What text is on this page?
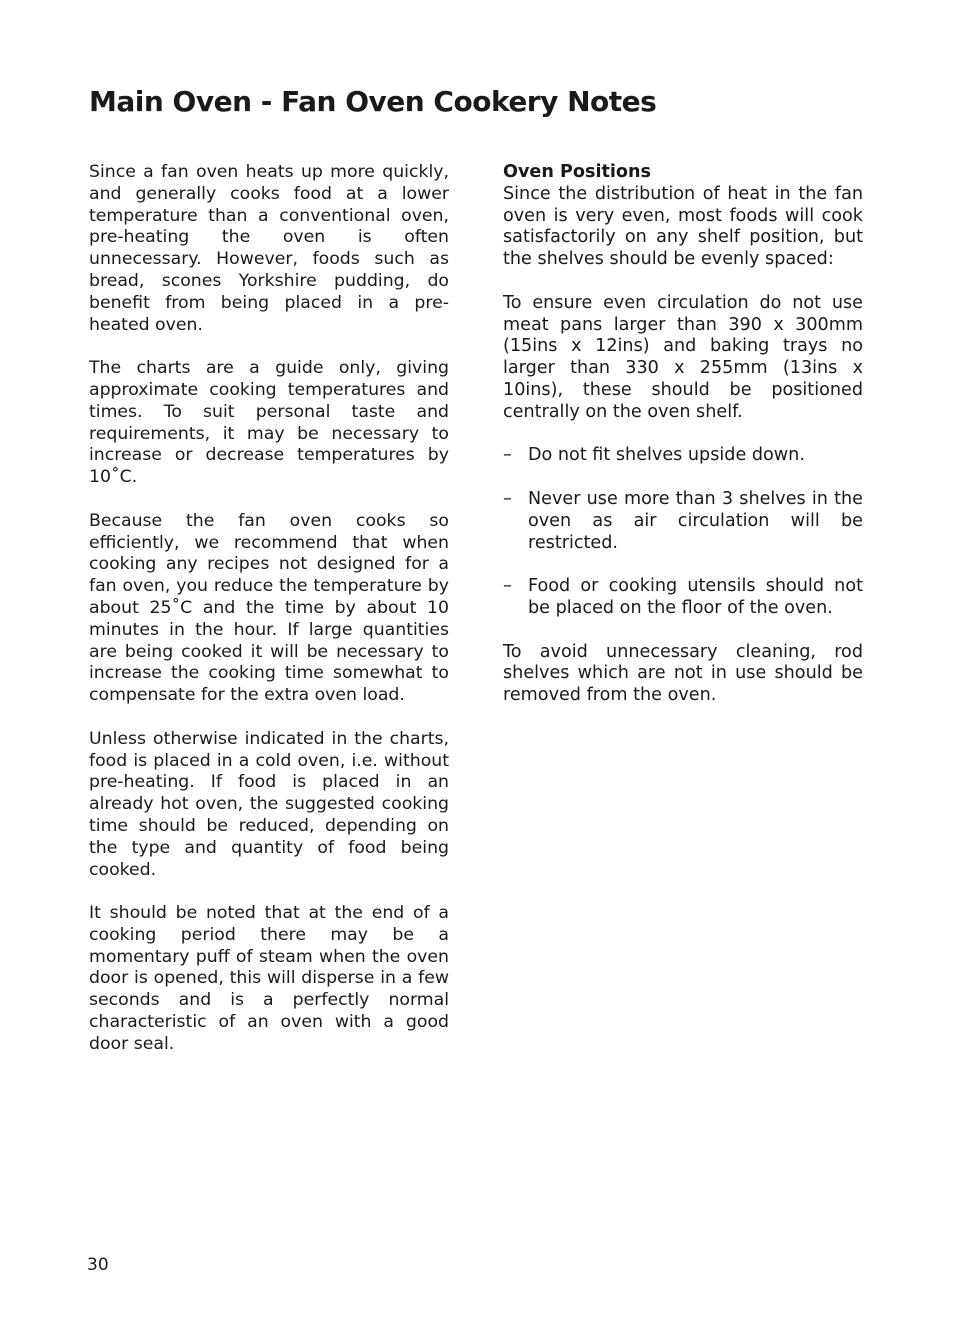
Main Oven - Fan Oven Cookery Notes

Since a fan oven heats up more quickly, and generally cooks food at a lower temperature than a conventional oven, pre-heating the oven is often unnecessary. However, foods such as bread, scones Yorkshire pudding, do benefit from being placed in a pre-heated oven.

The charts are a guide only, giving approximate cooking temperatures and times. To suit personal taste and requirements, it may be necessary to increase or decrease temperatures by 10˚C.

Because the fan oven cooks so efficiently, we recommend that when cooking any recipes not designed for a fan oven, you reduce the temperature by about 25˚C and the time by about 10 minutes in the hour. If large quantities are being cooked it will be necessary to increase the cooking time somewhat to compensate for the extra oven load.

Unless otherwise indicated in the charts, food is placed in a cold oven, i.e. without pre-heating. If food is placed in an already hot oven, the suggested cooking time should be reduced, depending on the type and quantity of food being cooked.

It should be noted that at the end of a cooking period there may be a momentary puff of steam when the oven door is opened, this will disperse in a few seconds and is a perfectly normal characteristic of an oven with a good door seal.

Oven Positions

Since the distribution of heat in the fan oven is very even, most foods will cook satisfactorily on any shelf position, but the shelves should be evenly spaced:

To ensure even circulation do not use meat pans larger than 390 x 300mm (15ins x 12ins) and baking trays no larger than 330 x 255mm (13ins x 10ins), these should be positioned centrally on the oven shelf.

– Do not fit shelves upside down.
– Never use more than 3 shelves in the oven as air circulation will be restricted.
– Food or cooking utensils should not be placed on the floor of the oven.

To avoid unnecessary cleaning, rod shelves which are not in use should be removed from the oven.

30
